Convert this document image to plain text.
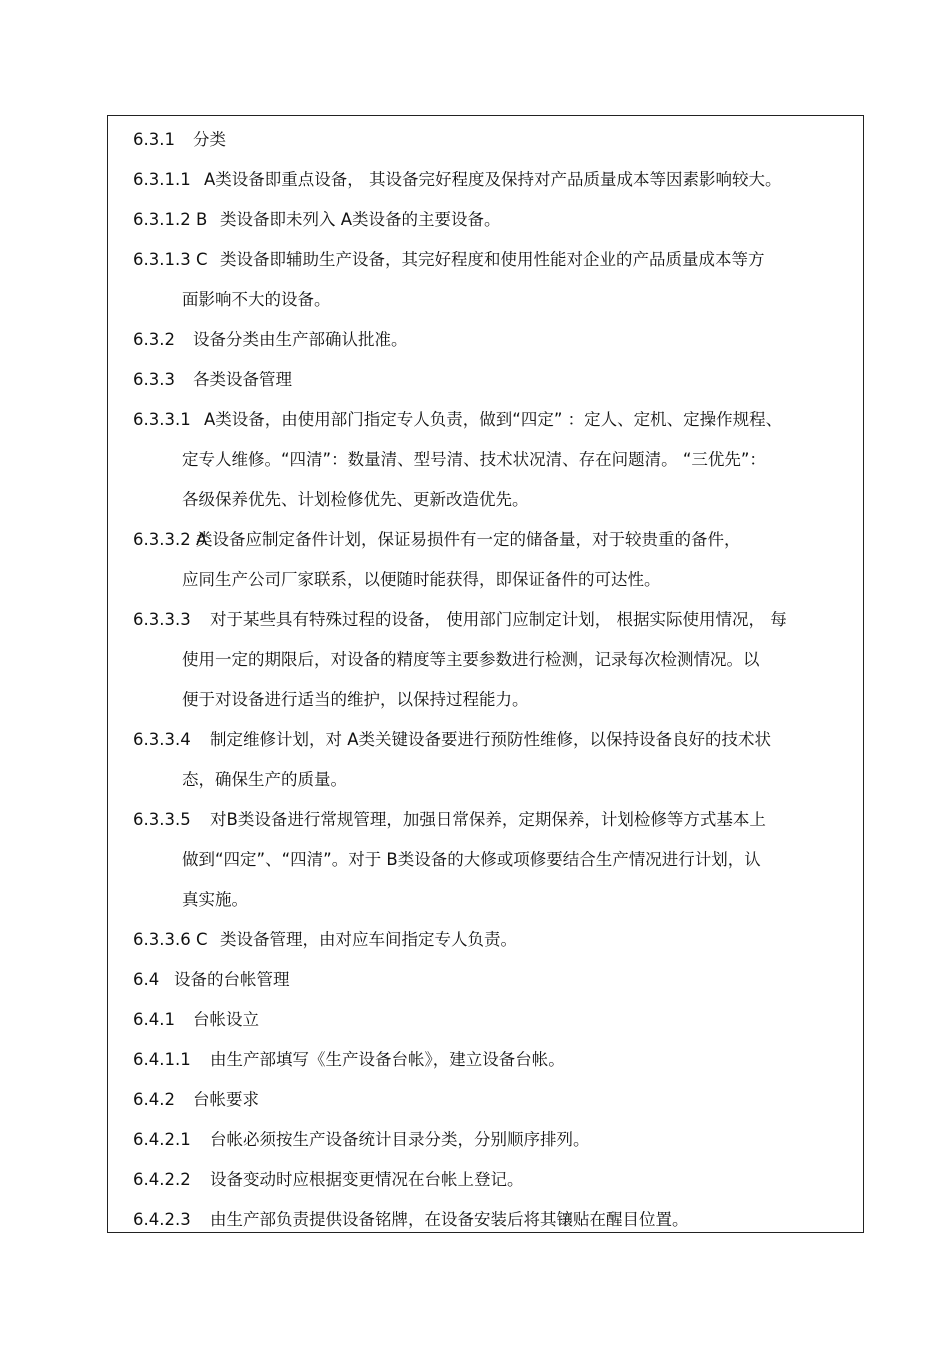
6.3.1 分类
6.3.1.1 A类设备即重点设备， 其设备完好程度及保持对产品质量成本等因素影响较大。
6.3.1.2 B 类设备即未列入 A类设备的主要设备。
6.3.1.3 C 类设备即辅助生产设备，其完好程度和使用性能对企业的产品质量成本等方
面影响不大的设备。
6.3.2 设备分类由生产部确认批准。
6.3.3 各类设备管理
6.3.3.1 A类设备，由使用部门指定专人负责，做到“四定” ：定人、定机、定操作规程、
定专人维修。“四清”：数量清、型号清、技术状况清、存在问题清。 “三优先”：
各级保养优先、计划检修优先、更新改造优先。
6.3.3.2 A
类设备应制定备件计划，保证易损件有一定的储备量，对于较贵重的备件，
应同生产公司厂家联系，以便随时能获得，即保证备件的可达性。
6.3.3.3 对于某些具有特殊过程的设备， 使用部门应制定计划， 根据实际使用情况， 每
使用一定的期限后，对设备的精度等主要参数进行检测，记录每次检测情况。以
便于对设备进行适当的维护，以保持过程能力。
6.3.3.4 制定维修计划，对 A类关键设备要进行预防性维修，以保持设备良好的技术状
态，确保生产的质量。
6.3.3.5 对B类设备进行常规管理，加强日常保养，定期保养，计划检修等方式基本上
做到“四定”、“四清”。对于 B类设备的大修或项修要结合生产情况进行计划，认
真实施。
6.3.3.6 C 类设备管理，由对应车间指定专人负责。
6.4 设备的台帐管理
6.4.1 台帐设立
6.4.1.1 由生产部填写《生产设备台帐》，建立设备台帐。
6.4.2 台帐要求
6.4.2.1 台帐必须按生产设备统计目录分类，分别顺序排列。
6.4.2.2 设备变动时应根据变更情况在台帐上登记。
6.4.2.3 由生产部负责提供设备铭牌，在设备安装后将其镶贴在醒目位置。
